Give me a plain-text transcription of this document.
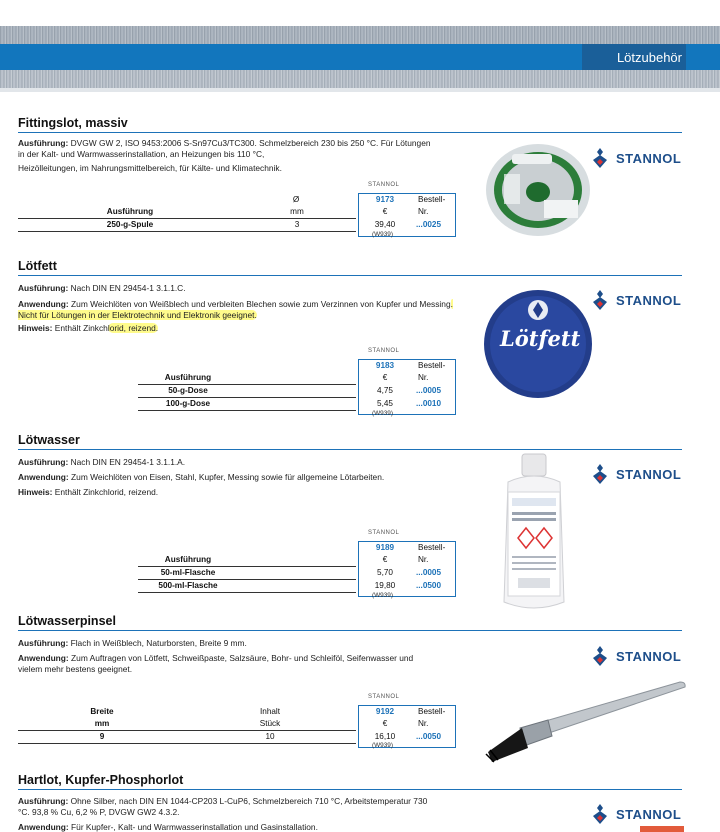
Lötzubehör
Fittingslot, massiv
Ausführung: DVGW GW 2, ISO 9453:2006 S-Sn97Cu3/TC300. Schmelzbereich 230 bis 250 °C. Für Lötungen in der Kalt- und Warmwasserinstallation, an Heizungen bis 110 °C,
Heizölleitungen, im Nahrungsmittelbereich, für Kälte- und Klimatechnik.
STANNOL
Ø	9173	Bestell-
Ausführung	mm	€	Nr.
250-g-Spule	3	39,40	...0025
(W939)
STANNOL
Lötfett
Ausführung: Nach DIN EN 29454-1 3.1.1.C.
Anwendung: Zum Weichlöten von Weißblech und verbleiten Blechen sowie zum Verzinnen von Kupfer und Messing. Nicht für Lötungen in der Elektrotechnik und Elektronik geeignet.
Hinweis: Enthält Zinkchlorid, reizend.
STANNOL
9183	Bestell-
Ausführung	€	Nr.
50-g-Dose	4,75	...0005
100-g-Dose	5,45	...0010
(W939)
STANNOL
Lötfett
Lötwasser
Ausführung: Nach DIN EN 29454-1 3.1.1.A.
Anwendung: Zum Weichlöten von Eisen, Stahl, Kupfer, Messing sowie für allgemeine Lötarbeiten.
Hinweis: Enthält Zinkchlorid, reizend.
STANNOL
9189	Bestell-
Ausführung	€	Nr.
50-ml-Flasche	5,70	...0005
500-ml-Flasche	19,80	...0500
(W939)
STANNOL
Lötwasserpinsel
Ausführung: Flach in Weißblech, Naturborsten, Breite 9 mm.
Anwendung: Zum Auftragen von Lötfett, Schweißpaste, Salzsäure, Bohr- und Schleiföl, Seifenwasser und vielem mehr bestens geeignet.
STANNOL
Breite	Inhalt	9192	Bestell-
mm	Stück	€	Nr.
9	10	16,10	...0050
(W939)
STANNOL
Hartlot, Kupfer-Phosphorlot
Ausführung: Ohne Silber, nach DIN EN 1044-CP203 L-CuP6, Schmelzbereich 710 °C, Arbeitstemperatur 730 °C. 93,8 % Cu, 6,2 % P, DVGW GW2 4.3.2.
Anwendung: Für Kupfer-, Kalt- und Warmwasserinstallation und Gasinstallation.
STANNOL
